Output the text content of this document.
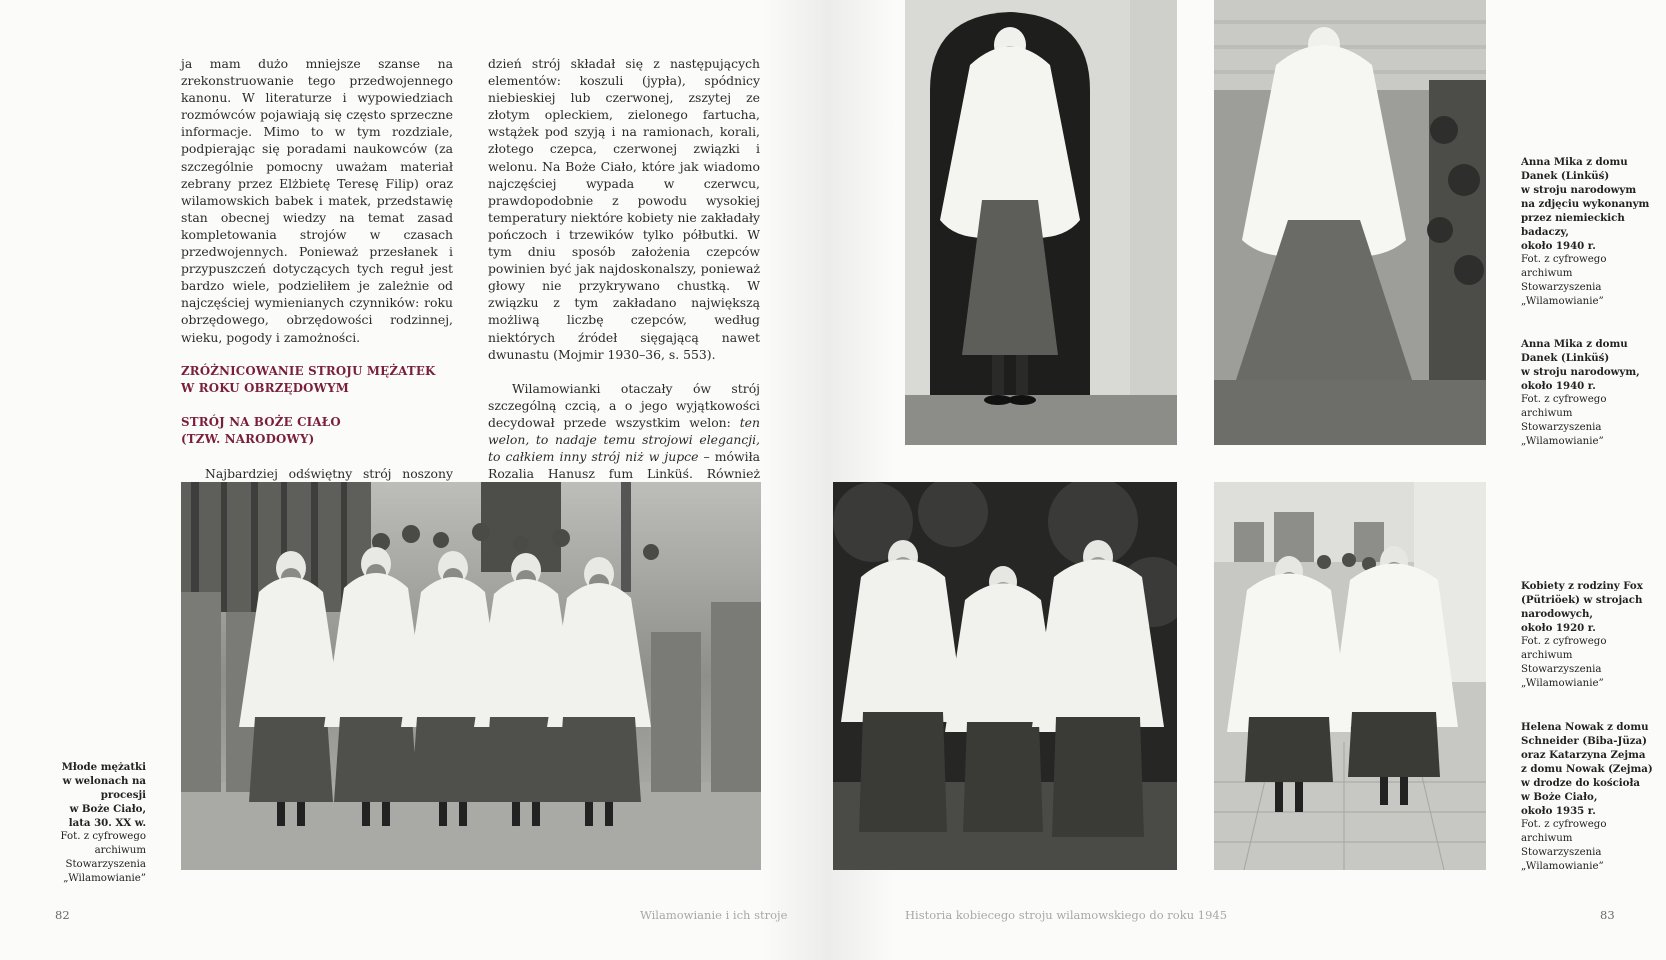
ja mam dużo mniejsze szanse na zrekonstruowanie tego przedwojennego kanonu. W literaturze i wypowiedziach rozmówców pojawiają się często sprzeczne informacje. Mimo to w tym rozdziale, podpierając się poradami naukowców (za szczególnie pomocny uważam materiał zebrany przez Elżbietę Teresę Filip) oraz wilamowskich babek i matek, przedstawię stan obecnej wiedzy na temat zasad kompletowania strojów w czasach przedwojennych. Ponieważ przesłanek i przypuszczeń dotyczących tych reguł jest bardzo wiele, podzieliłem je zależnie od najczęściej wymienianych czynników: roku obrzędowego, obrzędowości rodzinnej, wieku, pogody i zamożności.

ZRÓŻNICOWANIE STROJU MĘŻATEK
W ROKU OBRZĘDOWYM
STRÓJ NA BOŻE CIAŁO
(TZW. NARODOWY)

Najbardziej odświętny strój noszony

dzień strój składał się z następujących elementów: koszuli (jypła), spódnicy niebieskiej lub czerwonej, zszytej ze złotym opleckiem, zielonego fartucha, wstążek pod szyją i na ramionach, korali, złotego czepca, czerwonej związki i welonu. Na Boże Ciało, które jak wiadomo najczęściej wypada w czerwcu, prawdopodobnie z powodu wysokiej temperatury niektóre kobiety nie zakładały pończoch i trzewików tylko półbutki. W tym dniu sposób założenia czepców powinien być jak najdoskonalszy, ponieważ głowy nie przykrywano chustką. W związku z tym zakładano największą możliwą liczbę czepców, według niektórych źródeł sięgającą nawet dwunastu (Mojmir 1930–36, s. 553).

Wilamowianki otaczały ów strój szczególną czcią, a o jego wyjątkowości decydował przede wszystkim welon: ten welon, to nadaje temu strojowi elegancji, to całkiem inny strój niż w jupce – mówiła Rozalia Hanusz fum Linküś. Również

Młode mężatki
w welonach na procesji
w Boże Ciało,
lata 30. XX w.
Fot. z cyfrowego
archiwum
Stowarzyszenia
„Wilamowianie”
82	Wilamowianie i ich stroje
Anna Mika z domu
Danek (Linküś)
w stroju narodowym
na zdjęciu wykonanym
przez niemieckich
badaczy,
około 1940 r.
Fot. z cyfrowego
archiwum
Stowarzyszenia
„Wilamowianie”
Anna Mika z domu
Danek (Linküś)
w stroju narodowym,
około 1940 r.
Fot. z cyfrowego
archiwum
Stowarzyszenia
„Wilamowianie”
Kobiety z rodziny Fox
(Pütriöek) w strojach
narodowych,
około 1920 r.
Fot. z cyfrowego
archiwum
Stowarzyszenia
„Wilamowianie”
Helena Nowak z domu
Schneider (Biba-Jüza)
oraz Katarzyna Zejma
z domu Nowak (Zejma)
w drodze do kościoła
w Boże Ciało,
około 1935 r.
Fot. z cyfrowego
archiwum
Stowarzyszenia
„Wilamowianie”
Historia kobiecego stroju wilamowskiego do roku 1945	83
